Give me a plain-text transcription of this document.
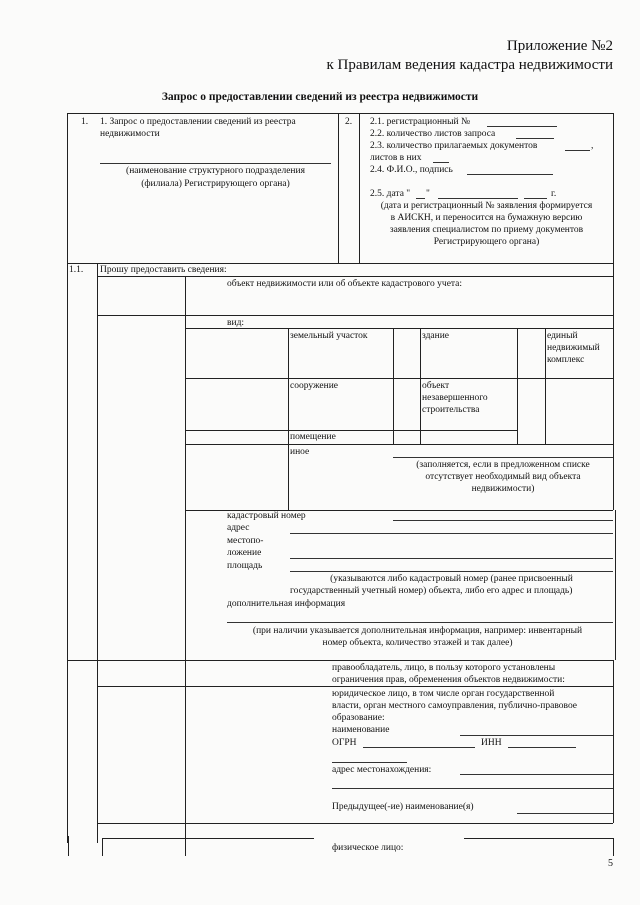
Приложение №2
к Правилам ведения кадастра недвижимости
Запрос о предоставлении сведений из реестра недвижимости
1. 1. Запрос о предоставлении сведений из реестра
недвижимости
(наименование структурного подразделения
(филиала) Регистрирующего органа)
2. 2.1. регистрационный №
2.2. количество листов запроса
2.3. количество прилагаемых документов	,
листов в них
2.4. Ф.И.О., подпись
2.5. дата " "	г.
(дата и регистрационный № заявления формируется
в АИСКН, и переносится на бумажную версию
заявления специалистом по приему документов
Регистрирующего органа)
1.1. Прошу предоставить сведения:
объект недвижимости или об объекте кадастрового учета:
вид:
земельный участок	здание	единый
недвижимый
комплекс
сооружение	объект
незавершенного
строительства
помещение
иное
(заполняется, если в предложенном списке
отсутствует необходимый вид объекта
недвижимости)
кадастровый номер
адрес
местопо-
ложение
площадь
(указываются либо кадастровый номер (ранее присвоенный
государственный учетный номер) объекта, либо его адрес и площадь)
дополнительная информация
(при наличии указывается дополнительная информация, например: инвентарный
номер объекта, количество этажей и так далее)
правообладатель, лицо, в пользу которого установлены
ограничения прав, обременения объектов недвижимости:
юридическое лицо, в том числе орган государственной
власти, орган местного самоуправления, публично-правовое
образование:
наименование
ОГРН	ИНН
адрес местонахождения:
Предыдущее(-ие) наименование(я)
физическое лицо:
5
